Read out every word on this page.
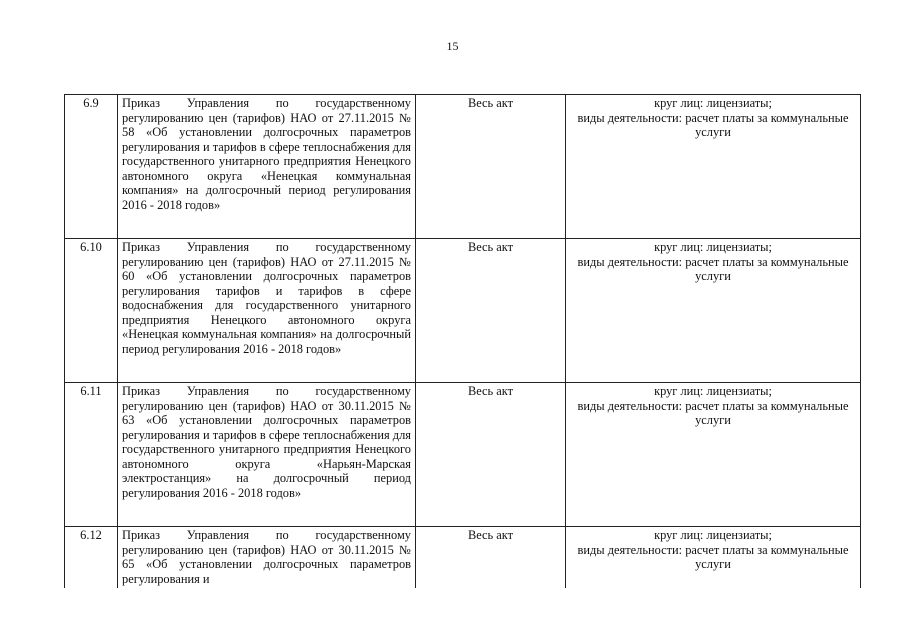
15
6.9	Приказ Управления по государственному регулированию цен (тарифов) НАО от 27.11.2015 № 58 «Об установлении долгосрочных параметров регулирования и тарифов в сфере теплоснабжения для государственного унитарного предприятия Ненецкого автономного округа «Ненецкая коммунальная компания» на долгосрочный период регулирования 2016 - 2018 годов»	Весь акт	круг лиц: лицензиаты;
виды деятельности: расчет платы за коммунальные услуги

6.10	Приказ Управления по государственному регулированию цен (тарифов) НАО от 27.11.2015 № 60 «Об установлении долгосрочных параметров регулирования тарифов и тарифов в сфере водоснабжения для государственного унитарного предприятия Ненецкого автономного округа «Ненецкая коммунальная компания» на долгосрочный период регулирования 2016 - 2018 годов»	Весь акт	круг лиц: лицензиаты;
виды деятельности: расчет платы за коммунальные услуги

6.11	Приказ Управления по государственному регулированию цен (тарифов) НАО от 30.11.2015 № 63 «Об установлении долгосрочных параметров регулирования и тарифов в сфере теплоснабжения для государственного унитарного предприятия Ненецкого автономного округа «Нарьян-Марская электростанция» на долгосрочный период регулирования 2016 - 2018 годов»	Весь акт	круг лиц: лицензиаты;
виды деятельности: расчет платы за коммунальные услуги

6.12	Приказ Управления по государственному регулированию цен (тарифов) НАО от 30.11.2015 № 65 «Об установлении долгосрочных параметров регулирования и	Весь акт	круг лиц: лицензиаты;
виды деятельности: расчет платы за коммунальные услуги
